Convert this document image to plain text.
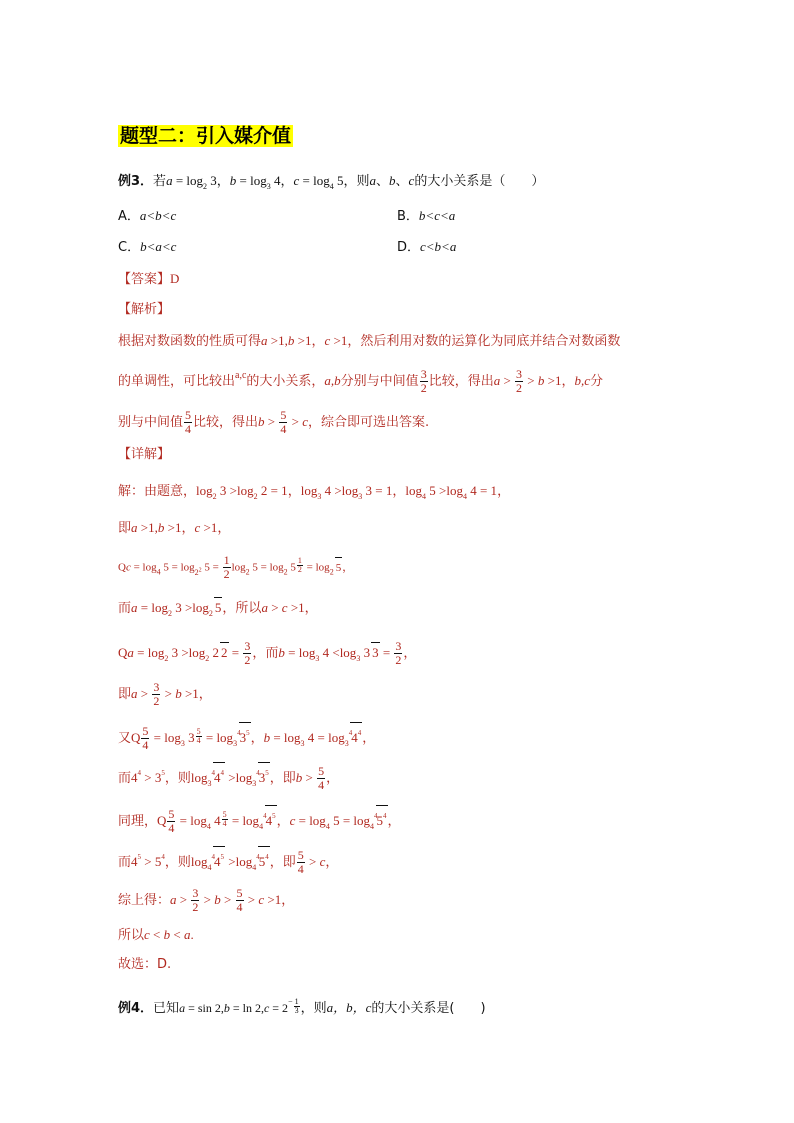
题型二：引入媒介值
例3．若$a = \log_2 3$，$b = \log_3 4$，$c = \log_4 5$，则a、b、c的大小关系是（　　）
A．a<b<c	B．b<c<a
C．b<a<c	D．c<b<a
【答案】D
【解析】
根据对数函数的性质可得a >1,b >1，c >1，然后利用对数的运算化为同底并结合对数函数
的单调性，可比较出$^{a,c}$的大小关系，a,b分别与中间值 $\frac{3}{2}$ 比较，得出$a > \frac{3}{2} > b >1$，b,c分
别与中间值 $\frac{5}{4}$ 比较，得出$b > \frac{5}{4} > c$，综合即可选出答案.
【详解】
解：由题意，$\log_2 3 >\log_2$ 2 = 1，$\log_3 4 >\log_3$ 3 = 1，$\log_4 5 >\log_4$ 4 = 1，
即a >1,b >1，c >1，
$Qc = \log_4 5 = \log_{2^2} 5 = \frac{1}{2} \log_2 5 = \log_2 5 \frac{1}{2} = \log_2 5$，
而$a = \log_2 3 >\log_2$ 5，所以a > c >1，
$Qa = \log_2 3 >\log_2$ 2 $2 = \frac{3}{2}$ ，而$b = \log_3 4 <\log_3$ 3 $3 = \frac{3}{2}$ ，
即$a > \frac{3}{2} > b >1$，
又Q $\frac{5}{4} = \log_3 3 \frac{5}{4} = \log_3^43^5$，$b = \log_3 4 = \log_3^44^4$，
而$4^4 > 3^5$，则$\log_3^44^4 >\log_3^43^5$，即$b > \frac{5}{4}$ ，
同理，Q $\frac{5}{4} = \log_4 4 \frac{5}{4} = \log_4^44^5$，$c = \log_4 5 = \log_4^45^4$，
而$4^5 > 5^4$，则$\log_4^44^5 >\log_4^45^4$，即 $\frac{5}{4} > c$，
综上得：$a > \frac{3}{2} > b > \frac{5}{4} > c >1$，
所以c < b < a.
故选：D.
例4．已知$a = \sin 2,b = \ln 2,c = 2^- \frac{1}{3}$ ，则a，b，c的大小关系是(　　)
